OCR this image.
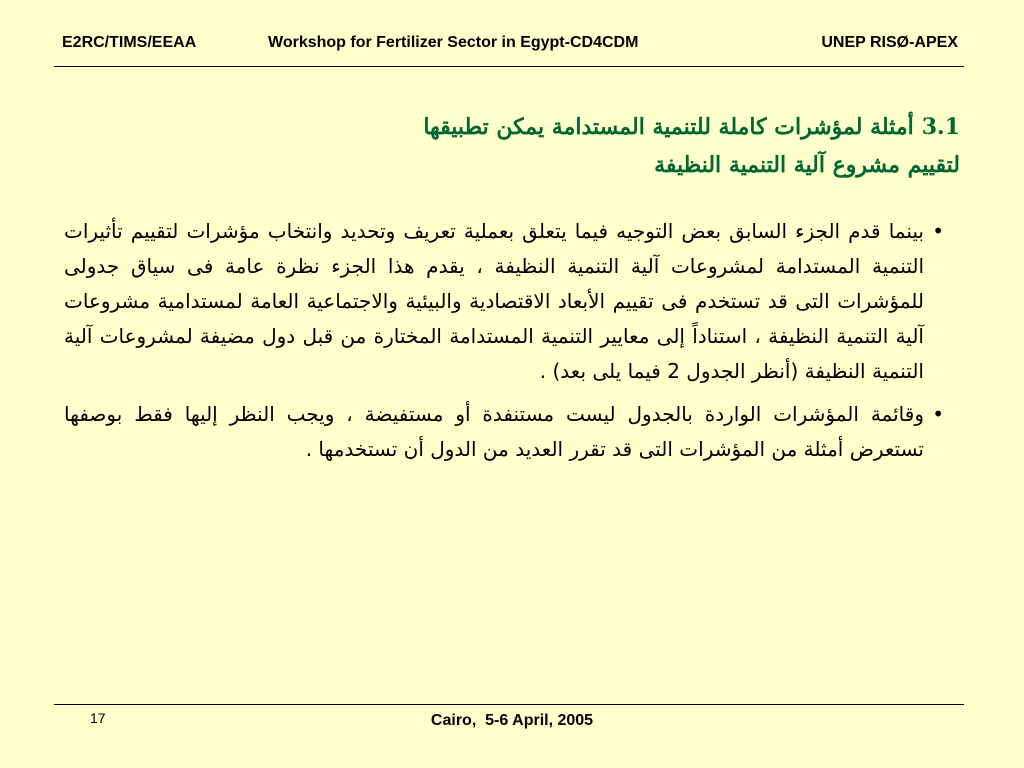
E2RC/TIMS/EEAA	Workshop for Fertilizer Sector in Egypt-CD4CDM	UNEP RISØ-APEX
3.1أمثلة لمؤشرات كاملة للتنمية المستدامة يمكن تطبيقها
لتقييم مشروع آلية التنمية النظيفة

•
بينما قدم الجزء السابق بعض التوجيه فيما يتعلق بعملية تعريف وتحديد وانتخاب مؤشرات لتقييم تأثيرات التنمية المستدامة لمشروعات آلية التنمية النظيفة ، يقدم هذا الجزء نظرة عامة فى سياق جدولى للمؤشرات التى قد تستخدم فى تقييم الأبعاد الاقتصادية والبيئية والاجتماعية العامة لمستدامية مشروعات آلية التنمية النظيفة ، استناداً إلى معايير التنمية المستدامة المختارة من قبل دول مضيفة لمشروعات آلية التنمية النظيفة (أنظر الجدول 2 فيما يلى بعد) .

•
وقائمة المؤشرات الواردة بالجدول ليست مستنفدة أو مستفيضة ، ويجب النظر إليها فقط بوصفها تستعرض أمثلة من المؤشرات التى قد تقرر العديد من الدول أن تستخدمها .

17	Cairo,  5-6 April, 2005
